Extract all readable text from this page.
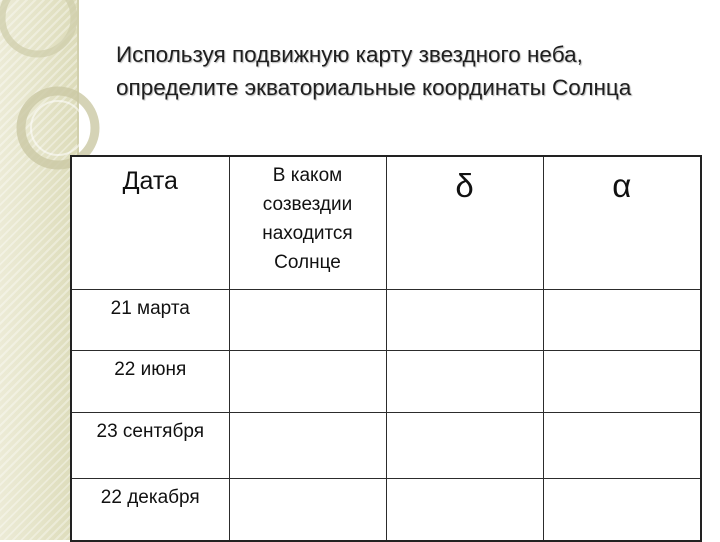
Используя подвижную карту звездного неба,
определите экваториальные координаты Солнца
Дата	В каком
созвездии
находится
Солнце	δ	α
21 марта			
22 июня			
23 сентября			
22 декабря			
